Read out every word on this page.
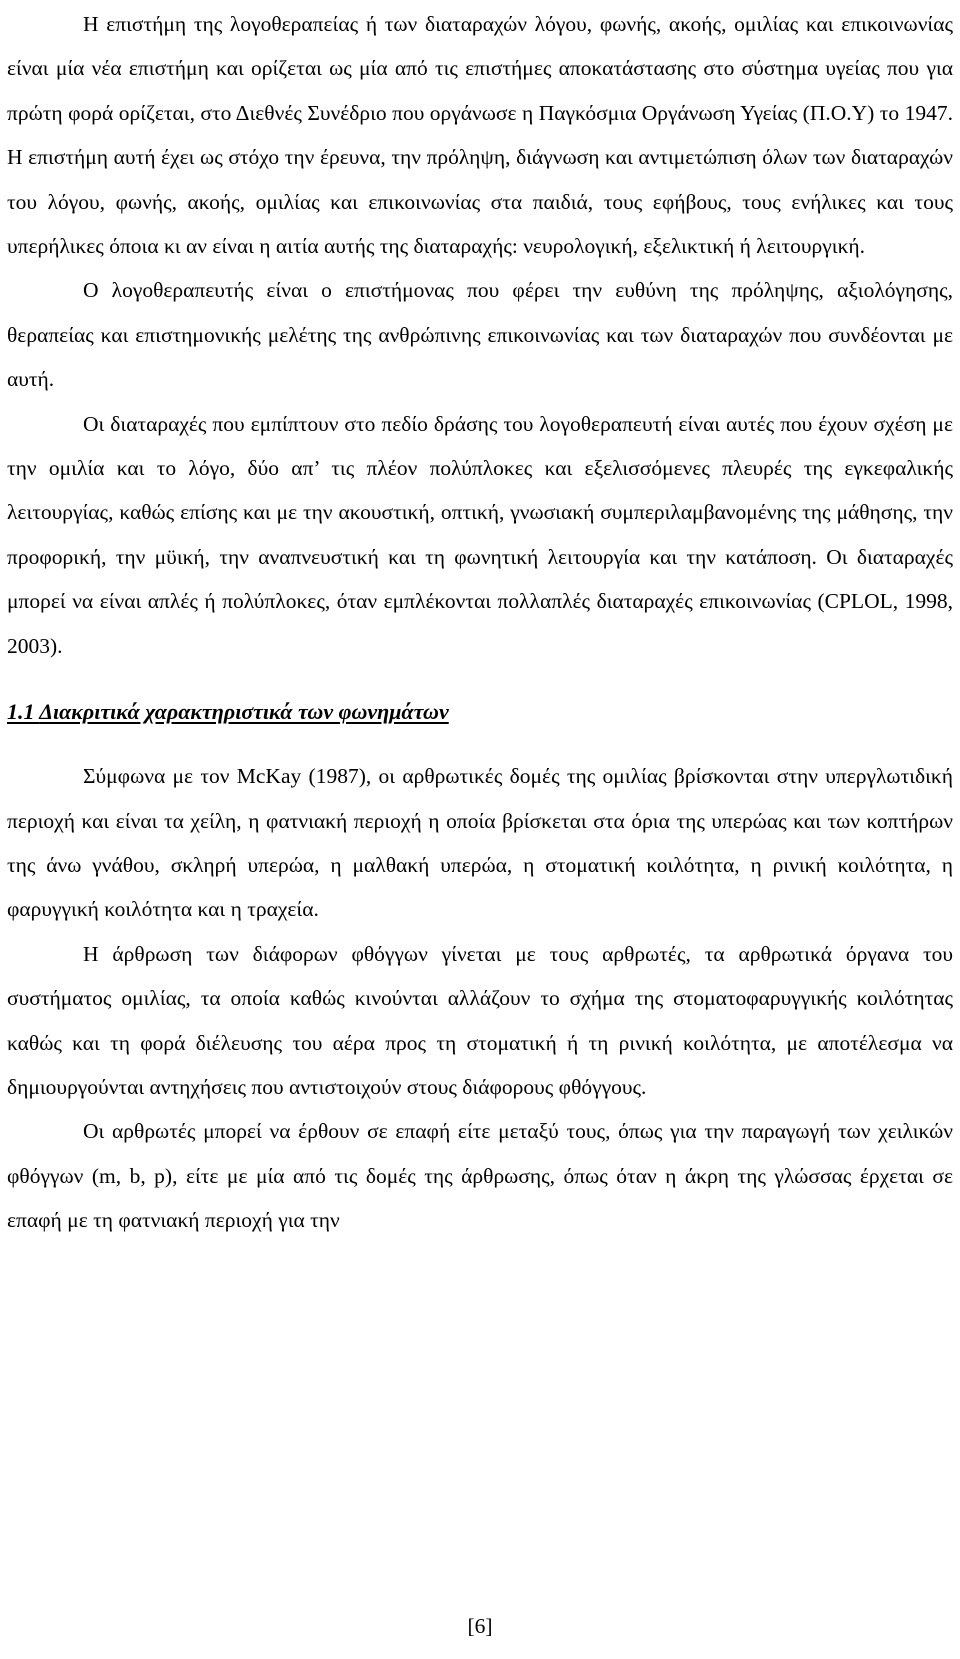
Η επιστήμη της λογοθεραπείας ή των διαταραχών λόγου, φωνής, ακοής, ομιλίας και επικοινωνίας είναι μία νέα επιστήμη και ορίζεται ως μία από τις επιστήμες αποκατάστασης στο σύστημα υγείας που για πρώτη φορά ορίζεται, στο Διεθνές Συνέδριο που οργάνωσε η Παγκόσμια Οργάνωση Υγείας (Π.Ο.Υ) το 1947. Η επιστήμη αυτή έχει ως στόχο την έρευνα, την πρόληψη, διάγνωση και αντιμετώπιση όλων των διαταραχών του λόγου, φωνής, ακοής, ομιλίας και επικοινωνίας στα παιδιά, τους εφήβους, τους ενήλικες και τους υπερήλικες όποια κι αν είναι η αιτία αυτής της διαταραχής: νευρολογική, εξελικτική ή λειτουργική.

Ο λογοθεραπευτής είναι ο επιστήμονας που φέρει την ευθύνη της πρόληψης, αξιολόγησης, θεραπείας και επιστημονικής μελέτης της ανθρώπινης επικοινωνίας και των διαταραχών που συνδέονται με αυτή.

Οι διαταραχές που εμπίπτουν στο πεδίο δράσης του λογοθεραπευτή είναι αυτές που έχουν σχέση με την ομιλία και το λόγο, δύο απ’ τις πλέον πολύπλοκες και εξελισσόμενες πλευρές της εγκεφαλικής λειτουργίας, καθώς επίσης και με την ακουστική, οπτική, γνωσιακή συμπεριλαμβανομένης της μάθησης, την προφορική, την μϋική, την αναπνευστική και τη φωνητική λειτουργία και την κατάποση. Οι διαταραχές μπορεί να είναι απλές ή πολύπλοκες, όταν εμπλέκονται πολλαπλές διαταραχές επικοινωνίας (CPLOL, 1998, 2003).

1.1 Διακριτικά χαρακτηριστικά των φωνημάτων

Σύμφωνα με τον McKay (1987), οι αρθρωτικές δομές της ομιλίας βρίσκονται στην υπεργλωτιδική περιοχή και είναι τα χείλη, η φατνιακή περιοχή η οποία βρίσκεται στα όρια της υπερώας και των κοπτήρων της άνω γνάθου, σκληρή υπερώα, η μαλθακή υπερώα, η στοματική κοιλότητα, η ρινική κοιλότητα, η φαρυγγική κοιλότητα και η τραχεία.

Η άρθρωση των διάφορων φθόγγων γίνεται με τους αρθρωτές, τα αρθρωτικά όργανα του συστήματος ομιλίας, τα οποία καθώς κινούνται αλλάζουν το σχήμα της στοματοφαρυγγικής κοιλότητας καθώς και τη φορά διέλευσης του αέρα προς τη στοματική ή τη ρινική κοιλότητα, με αποτέλεσμα να δημιουργούνται αντηχήσεις που αντιστοιχούν στους διάφορους φθόγγους.

Οι αρθρωτές μπορεί να έρθουν σε επαφή είτε μεταξύ τους, όπως για την παραγωγή των χειλικών φθόγγων (m, b, p), είτε με μία από τις δομές της άρθρωσης, όπως όταν η άκρη της γλώσσας έρχεται σε επαφή με τη φατνιακή περιοχή για την

[6]
